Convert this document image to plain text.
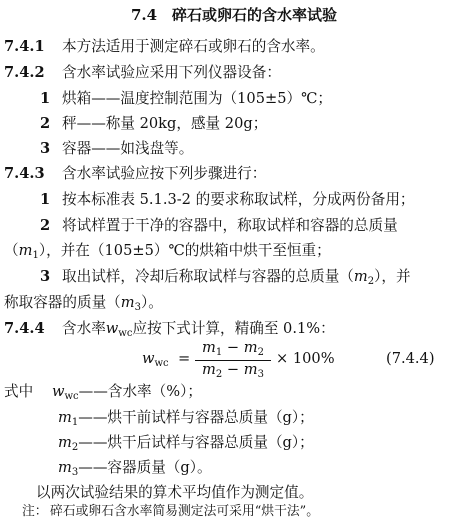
7.4  碎石或卵石的含水率试验
7.4.1 本方法适用于测定碎石或卵石的含水率。
7.4.2 含水率试验应采用下列仪器设备：
1 烘箱——温度控制范围为（105±5）℃；
2 秤——称量 20kg，感量 20g；
3 容器——如浅盘等。
7.4.3 含水率试验应按下列步骤进行：
1 按本标准表 5.1.3-2 的要求称取试样，分成两份备用；
2 将试样置于干净的容器中，称取试样和容器的总质量
$(m_1)$，并在（105±5）℃的烘箱中烘干至恒重；
3 取出试样，冷却后称取试样与容器的总质量$(m_2)$，并
称取容器的质量$(m_3)$。
7.4.4 含水率$w_{wc}$应按下式计算，精确至 0.1%：
$w_{wc}$ =
$m_1 - m_2$
$m_2 - m_3$
× 100%	(7.4.4)
式中 $w_{wc}——$含水率（%）；
$m_1——$烘干前试样与容器总质量（g）；
$m_2——$烘干后试样与容器总质量（g）；
$m_3——$容器质量（g）。
以两次试验结果的算术平均值作为测定值。
注： 碎石或卵石含水率简易测定法可采用“烘干法”。
